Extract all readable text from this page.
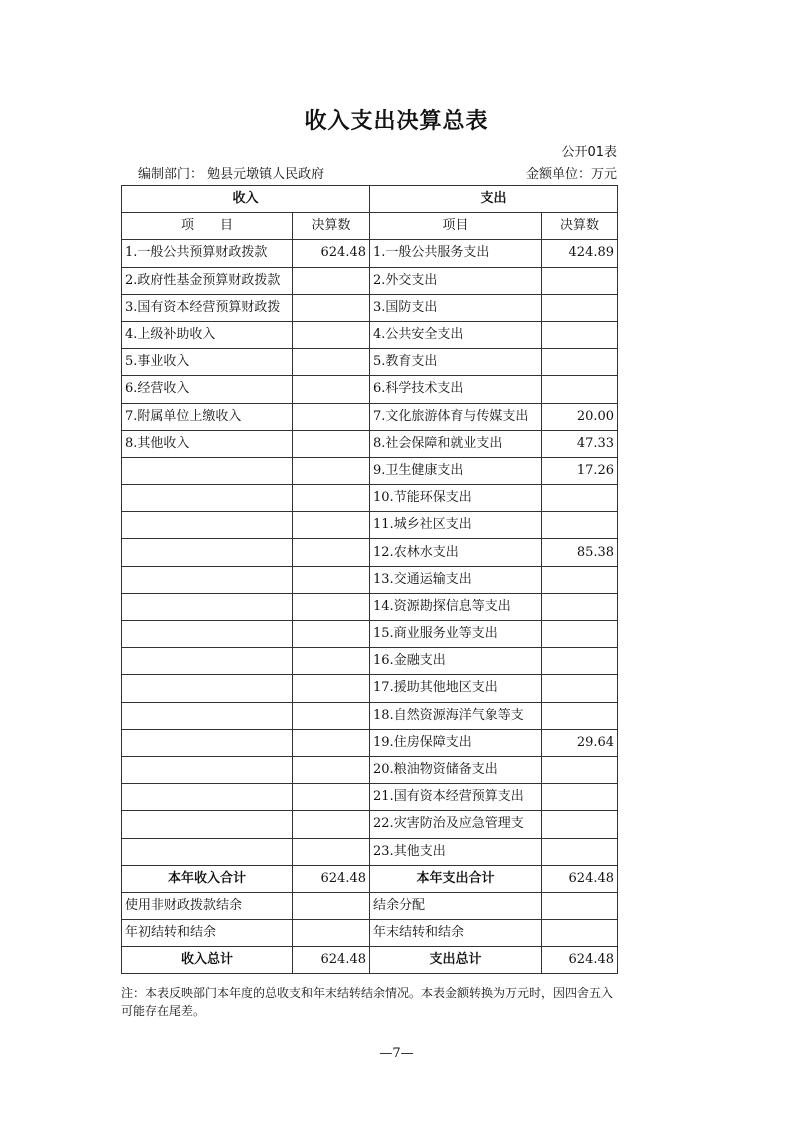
收入支出决算总表
公开01表
编制部门： 勉县元墩镇人民政府	金额单位：万元
收入		支出	
项　　目	决算数	项目	决算数
1.一般公共预算财政拨款	624.48	1.一般公共服务支出	424.89
2.政府性基金预算财政拨款		2.外交支出	
3.国有资本经营预算财政拨		3.国防支出	
4.上级补助收入		4.公共安全支出	
5.事业收入		5.教育支出	
6.经营收入		6.科学技术支出	
7.附属单位上缴收入		7.文化旅游体育与传媒支出	20.00
8.其他收入		8.社会保障和就业支出	47.33
		9.卫生健康支出	17.26
		10.节能环保支出	
		11.城乡社区支出	
		12.农林水支出	85.38
		13.交通运输支出	
		14.资源勘探信息等支出	
		15.商业服务业等支出	
		16.金融支出	
		17.援助其他地区支出	
		18.自然资源海洋气象等支	
		19.住房保障支出	29.64
		20.粮油物资储备支出	
		21.国有资本经营预算支出	
		22.灾害防治及应急管理支	
		23.其他支出	
本年收入合计	624.48	本年支出合计	624.48
使用非财政拨款结余		结余分配	
年初结转和结余		年末结转和结余	
收入总计	624.48	支出总计	624.48
注：本表反映部门本年度的总收支和年末结转结余情况。本表金额转换为万元时，因四舍五入可能存在尾差。
—7—
